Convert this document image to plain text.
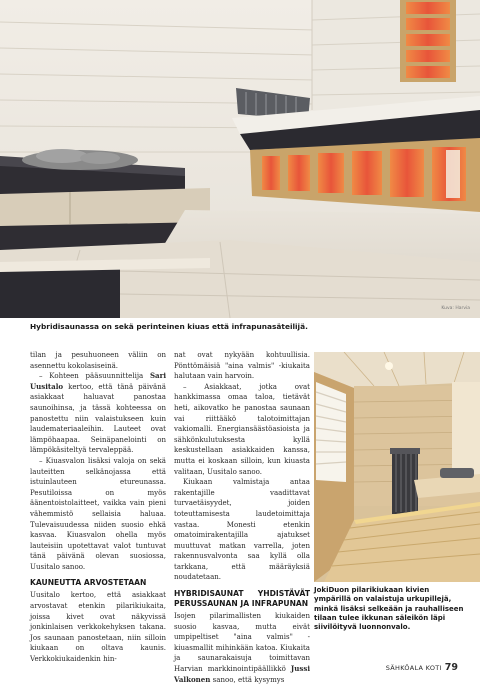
Kuva: Harvia
Hybridisaunassa on sekä perinteinen kiuas että infrapunasäteilijä.

tilan ja pesuhuoneen väliin on asennettu kokolasiseinä.

– Kohteen pääsuunnittelija Sari Uusitalo kertoo, että tänä päivänä asiakkaat haluavat panostaa saunoihinsa, ja tässä kohteessa on panostettu niin valaistukseen kuin laudemateriaaleihin. Lauteet ovat lämpöhaapaa. Seinäpanelointi on lämpökäsiteltyä tervaleppää.

– Kiuasvalon lisäksi valoja on sekä lauteitten selkänojassa että istuinlauteen etureunassa. Pesutiloissa on myös äänentoistolaitteet, vaikka vain pieni vähemmistö sellaisia haluaa. Tulevaisuudessa niiden suosio ehkä kasvaa. Kiuasvalon ohella myös lauteisiin upotettavat valot tuntuvat tänä päivänä olevan suosiossa, Uusitalo sanoo.

KAUNEUTTA ARVOSTETAAN

Uusitalo kertoo, että asiakkaat arvostavat etenkin pilarikiukaita, joissa kivet ovat näkyvissä jonkinlaisen verkkokehyksen takana. Jos saunaan panostetaan, niin silloin kiukaan on oltava kaunis. Verkkokiukaidenkin hin-

nat ovat nykyään kohtuullisia. Pönttömäisiä "aina valmis" -kiukaita halutaan vain harvoin.

– Asiakkaat, jotka ovat hankkimassa omaa taloa, tietävät heti, aikovatko he panostaa saunaan vai riittääkö talotoimittajan vakiomalli. Energiansäästöasioista ja sähkönkulutuksesta kyllä keskustellaan asiakkaiden kanssa, mutta ei koskaan silloin, kun kiuasta valitaan, Uusitalo sanoo.

Kiukaan valmistaja antaa rakentajille vaadittavat turvaetäisyydet, joiden toteuttamisesta laudetoimittaja vastaa. Monesti etenkin omatoimirakentajilla ajatukset muuttuvat matkan varrella, joten rakennusvalvonta saa kyllä olla tarkkana, että määräyksiä noudatetaan.

HYBRIDISAUNAT YHDISTÄVÄT PERUSSAUNAN JA INFRAPUNAN

Isojen pilarimallisten kiukaiden suosio kasvaa, mutta eivät umpipeltiset "aina valmis" -kiuasmallit mihinkään katoa. Kiukaita ja saunarakaisuja toimittavan Harvian markkinointipäällikkö Jussi Valkonen sanoo, että kysymys

JokiDuon pilarikiukaan kivien ympärillä on valaistuja urkupillejä, minkä lisäksi selkeään ja rauhalliseen tilaan tulee ikkunan säleikön läpi siivilöityvä luonnonvalo.
SÄHKÖALA KOTI 79
